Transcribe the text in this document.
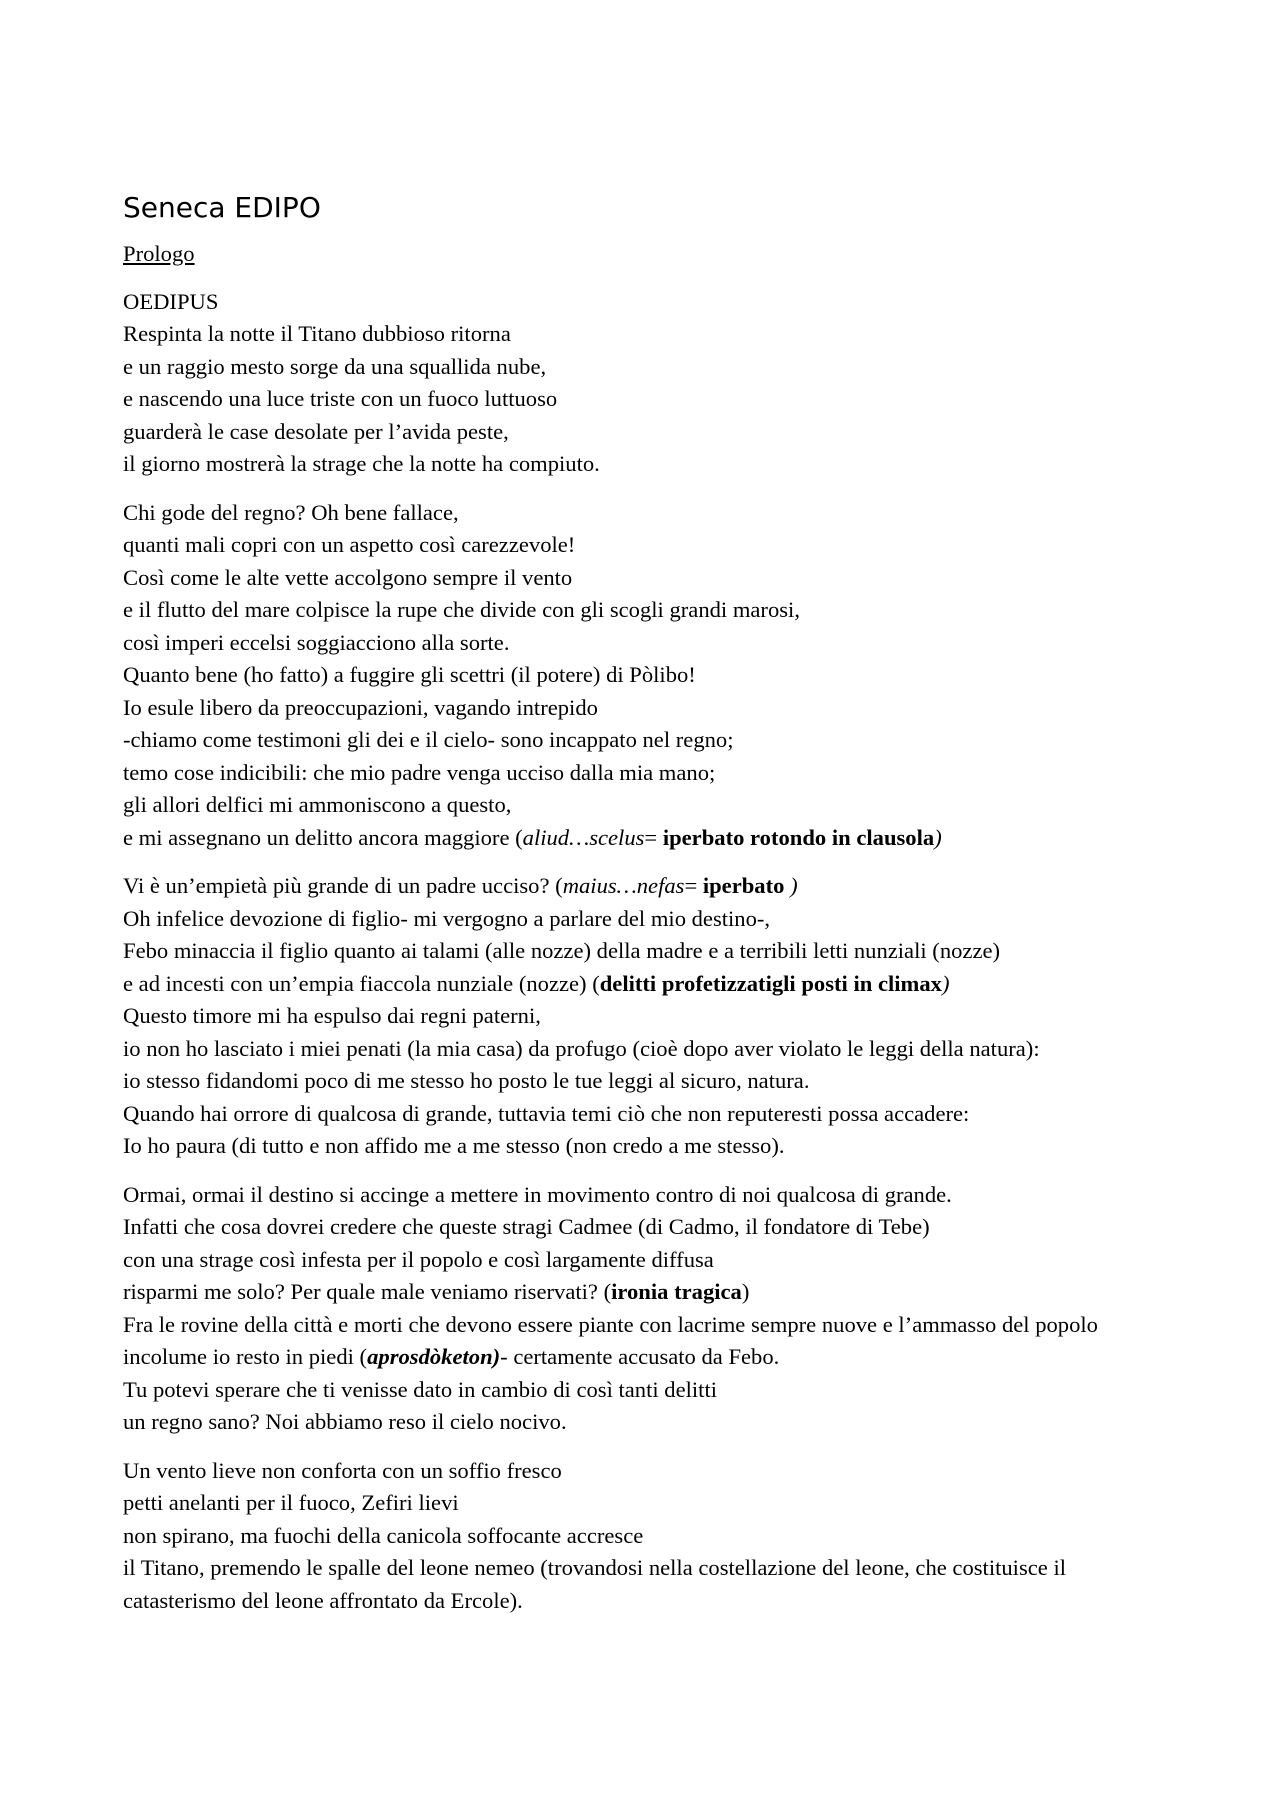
Seneca EDIPO
Prologo
OEDIPUS
Respinta la notte il Titano dubbioso ritorna
e un raggio mesto sorge da una squallida nube,
e nascendo una luce triste con un fuoco luttuoso
guarderà le case desolate per l’avida peste,
il giorno mostrerà la strage che la notte ha compiuto.
Chi gode del regno? Oh bene fallace,
quanti mali copri con un aspetto così carezzevole!
Così come le alte vette accolgono sempre il vento
e il flutto del mare colpisce la rupe che divide con gli scogli grandi marosi,
così imperi eccelsi soggiacciono alla sorte.
Quanto bene (ho fatto) a fuggire gli scettri (il potere) di Pòlibo!
Io esule libero da preoccupazioni, vagando intrepido
-chiamo come testimoni gli dei e il cielo- sono incappato nel regno;
temo cose indicibili: che mio padre venga ucciso dalla mia mano;
gli allori delfici mi ammoniscono a questo,
e mi assegnano un delitto ancora maggiore (aliud…scelus= iperbato rotondo in clausola)
Vi è un’empietà più grande di un padre ucciso? (maius…nefas= iperbato )
Oh infelice devozione di figlio- mi vergogno a parlare del mio destino-,
Febo minaccia il figlio quanto ai talami (alle nozze) della madre e a terribili letti nunziali (nozze)
e ad incesti con un’empia fiaccola nunziale (nozze) (delitti profetizzatigli posti in climax)
Questo timore mi ha espulso dai regni paterni,
io non ho lasciato i miei penati (la mia casa) da profugo (cioè dopo aver violato le leggi della natura):
io stesso fidandomi poco di me stesso ho posto le tue leggi al sicuro, natura.
Quando hai orrore di qualcosa di grande, tuttavia temi ciò che non reputeresti possa accadere:
Io ho paura (di tutto e non affido me a me stesso (non credo a me stesso).
Ormai, ormai il destino si accinge a mettere in movimento contro di noi qualcosa di grande.
Infatti che cosa dovrei credere che queste stragi Cadmee (di Cadmo, il fondatore di Tebe)
con una strage così infesta per il popolo e così largamente diffusa
risparmi me solo? Per quale male veniamo riservati? (ironia tragica)
Fra le rovine della città e morti che devono essere piante con lacrime sempre nuove e l’ammasso del popolo
incolume io resto in piedi (aprosdòketon)- certamente accusato da Febo.
Tu potevi sperare che ti venisse dato in cambio di così tanti delitti
un regno sano? Noi abbiamo reso il cielo nocivo.
Un vento lieve non conforta con un soffio fresco
petti anelanti per il fuoco, Zefiri lievi
non spirano, ma fuochi della canicola soffocante accresce
il Titano, premendo le spalle del leone nemeo (trovandosi nella costellazione del leone, che costituisce il catasterismo del leone affrontato da Ercole).
